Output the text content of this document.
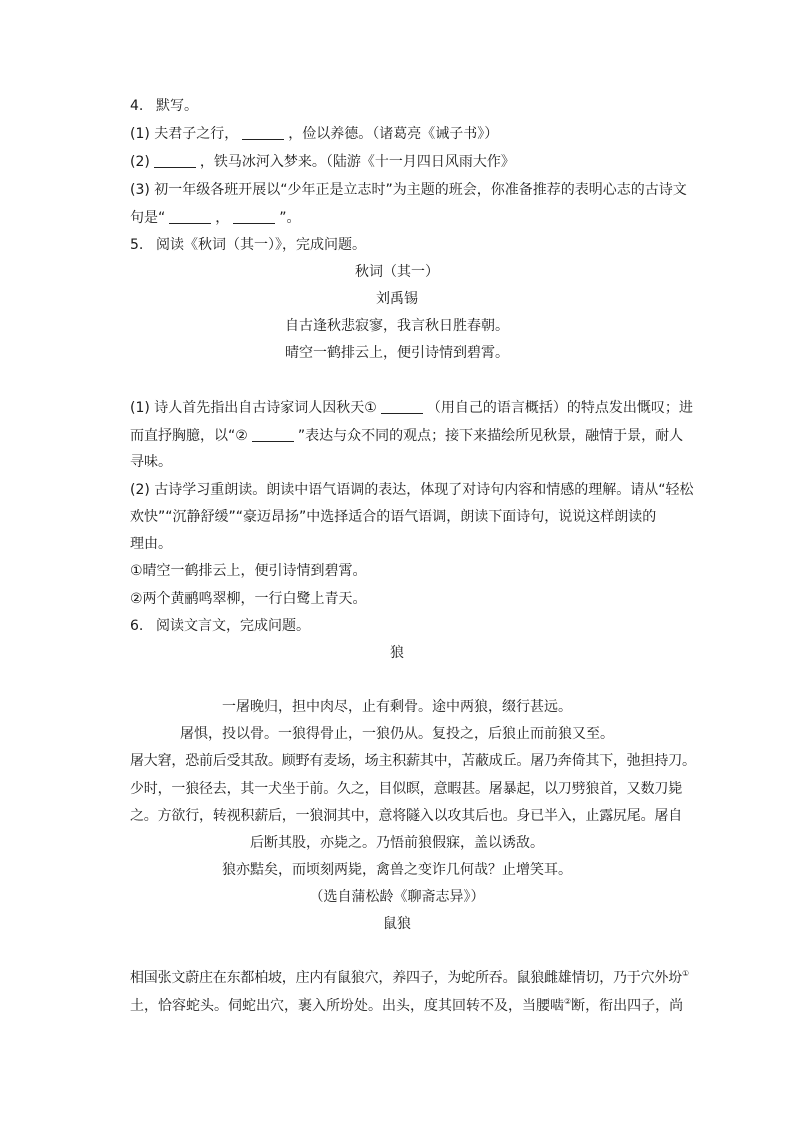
4. 默写。
(1) 夫君子之行，	，俭以养德。（诸葛亮《诫子书》）
(2)	，铁马冰河入梦来。（陆游《十一月四日风雨大作》
(3) 初一年级各班开展以“少年正是立志时”为主题的班会，你准备推荐的表明心志的古诗文
句是“	，	”。
5. 阅读《秋词（其一）》，完成问题。
秋词（其一）
刘禹锡
自古逢秋悲寂寥，我言秋日胜春朝。
晴空一鹤排云上，便引诗情到碧霄。
(1) 诗人首先指出自古诗家词人因秋天①	（用自己的语言概括）的特点发出慨叹；进
而直抒胸臆，以“②	”表达与众不同的观点；接下来描绘所见秋景，融情于景，耐人
寻味。
(2) 古诗学习重朗读。朗读中语气语调的表达，体现了对诗句内容和情感的理解。请从“轻松
欢快”“沉静舒缓”“豪迈昂扬”中选择适合的语气语调，朗读下面诗句，说说这样朗读的
理由。
①晴空一鹤排云上，便引诗情到碧霄。
②两个黄鹂鸣翠柳，一行白鹭上青天。
6. 阅读文言文，完成问题。
狼
一屠晚归，担中肉尽，止有剩骨。途中两狼，缀行甚远。
屠惧，投以骨。一狼得骨止，一狼仍从。复投之，后狼止而前狼又至。
屠大窘，恐前后受其敌。顾野有麦场，场主积薪其中，苫蔽成丘。屠乃奔倚其下，弛担持刀。
少时，一狼径去，其一犬坐于前。久之，目似瞑，意暇甚。屠暴起，以刀劈狼首，又数刀毙
之。方欲行，转视积薪后，一狼洞其中，意将隧入以攻其后也。身已半入，止露尻尾。屠自
后断其股，亦毙之。乃悟前狼假寐，盖以诱敌。
狼亦黠矣，而顷刻两毙，禽兽之变诈几何哉？止增笑耳。
（选自蒲松龄《聊斋志异》）
鼠狼
相国张文蔚庄在东都柏坡，庄内有鼠狼穴，养四子，为蛇所吞。鼠狼雌雄情切，乃于穴外坋①
土，恰容蛇头。伺蛇出穴，裹入所坋处。出头，度其回转不及，当腰啮②断，衔出四子，尚
